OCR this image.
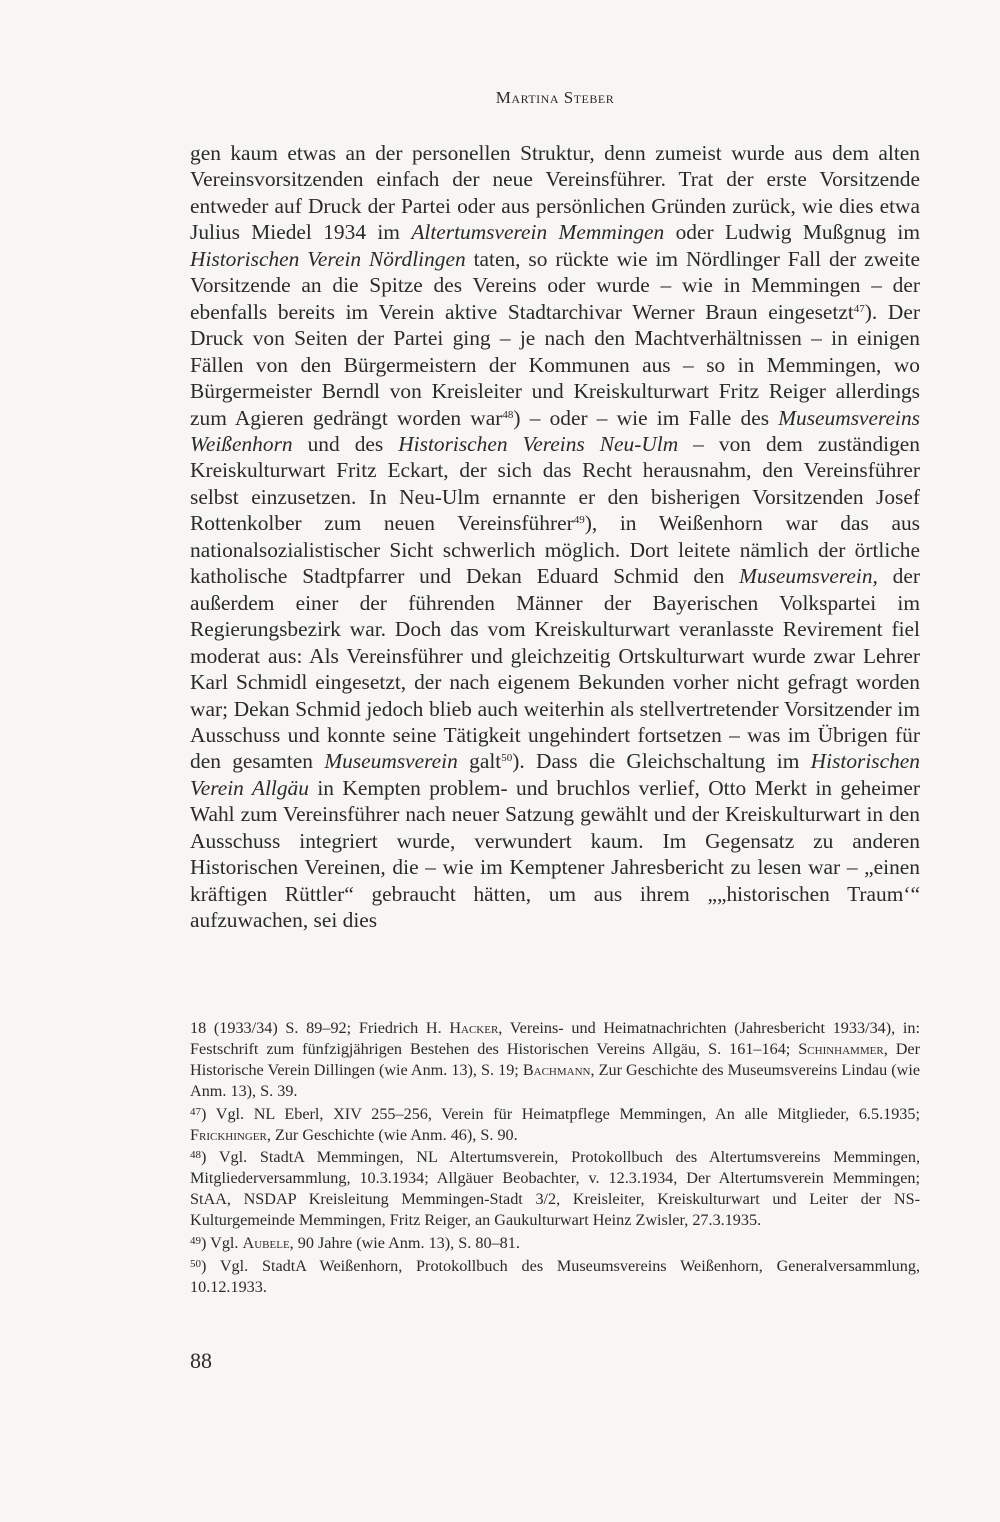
Martina Steber

gen kaum etwas an der personellen Struktur, denn zumeist wurde aus dem alten Vereinsvorsitzenden einfach der neue Vereinsführer. Trat der erste Vorsitzende entweder auf Druck der Partei oder aus persönlichen Gründen zurück, wie dies etwa Julius Miedel 1934 im Altertumsverein Memmingen oder Ludwig Mußgnug im Historischen Verein Nördlingen taten, so rückte wie im Nördlinger Fall der zweite Vorsitzende an die Spitze des Vereins oder wurde – wie in Memmingen – der ebenfalls bereits im Verein aktive Stadtarchivar Werner Braun eingesetzt$^{47}$). Der Druck von Seiten der Partei ging – je nach den Machtverhältnissen – in einigen Fällen von den Bürgermeistern der Kommunen aus – so in Memmingen, wo Bürgermeister Berndl von Kreisleiter und Kreiskulturwart Fritz Reiger allerdings zum Agieren gedrängt worden war$^{48}$) – oder – wie im Falle des Museumsvereins Weißenhorn und des Historischen Vereins Neu-Ulm – von dem zuständigen Kreiskulturwart Fritz Eckart, der sich das Recht herausnahm, den Vereinsführer selbst einzusetzen. In Neu-Ulm ernannte er den bisherigen Vorsitzenden Josef Rottenkolber zum neuen Vereinsführer$^{49}$), in Weißenhorn war das aus nationalsozialistischer Sicht schwerlich möglich. Dort leitete nämlich der örtliche katholische Stadtpfarrer und Dekan Eduard Schmid den Museumsverein, der außerdem einer der führenden Männer der Bayerischen Volkspartei im Regierungsbezirk war. Doch das vom Kreiskulturwart veranlasste Revirement fiel moderat aus: Als Vereinsführer und gleichzeitig Ortskulturwart wurde zwar Lehrer Karl Schmidl eingesetzt, der nach eigenem Bekunden vorher nicht gefragt worden war; Dekan Schmid jedoch blieb auch weiterhin als stellvertretender Vorsitzender im Ausschuss und konnte seine Tätigkeit ungehindert fortsetzen – was im Übrigen für den gesamten Museumsverein galt$^{50}$). Dass die Gleichschaltung im Historischen Verein Allgäu in Kempten problem- und bruchlos verlief, Otto Merkt in geheimer Wahl zum Vereinsführer nach neuer Satzung gewählt und der Kreiskulturwart in den Ausschuss integriert wurde, verwundert kaum. Im Gegensatz zu anderen Historischen Vereinen, die – wie im Kemptener Jahresbericht zu lesen war – „einen kräftigen Rüttler“ gebraucht hätten, um aus ihrem „„historischen Traum‘“ aufzuwachen, sei dies

18 (1933/34) S. 89–92; Friedrich H. Hacker, Vereins- und Heimatnachrichten (Jahresbericht 1933/34), in: Festschrift zum fünfzigjährigen Bestehen des Historischen Vereins Allgäu, S. 161–164; Schinhammer, Der Historische Verein Dillingen (wie Anm. 13), S. 19; Bachmann, Zur Geschichte des Museumsvereins Lindau (wie Anm. 13), S. 39.

$^{47}$) Vgl. NL Eberl, XIV 255–256, Verein für Heimatpflege Memmingen, An alle Mitglieder, 6.5.1935; Frickhinger, Zur Geschichte (wie Anm. 46), S. 90.

$^{48}$) Vgl. StadtA Memmingen, NL Altertumsverein, Protokollbuch des Altertumsvereins Memmingen, Mitgliederversammlung, 10.3.1934; Allgäuer Beobachter, v. 12.3.1934, Der Altertumsverein Memmingen; StAA, NSDAP Kreisleitung Memmingen-Stadt 3/2, Kreisleiter, Kreiskulturwart und Leiter der NS-Kulturgemeinde Memmingen, Fritz Reiger, an Gaukulturwart Heinz Zwisler, 27.3.1935.

$^{49}$) Vgl. Aubele, 90 Jahre (wie Anm. 13), S. 80–81.

$^{50}$) Vgl. StadtA Weißenhorn, Protokollbuch des Museumsvereins Weißenhorn, Generalversammlung, 10.12.1933.

88
